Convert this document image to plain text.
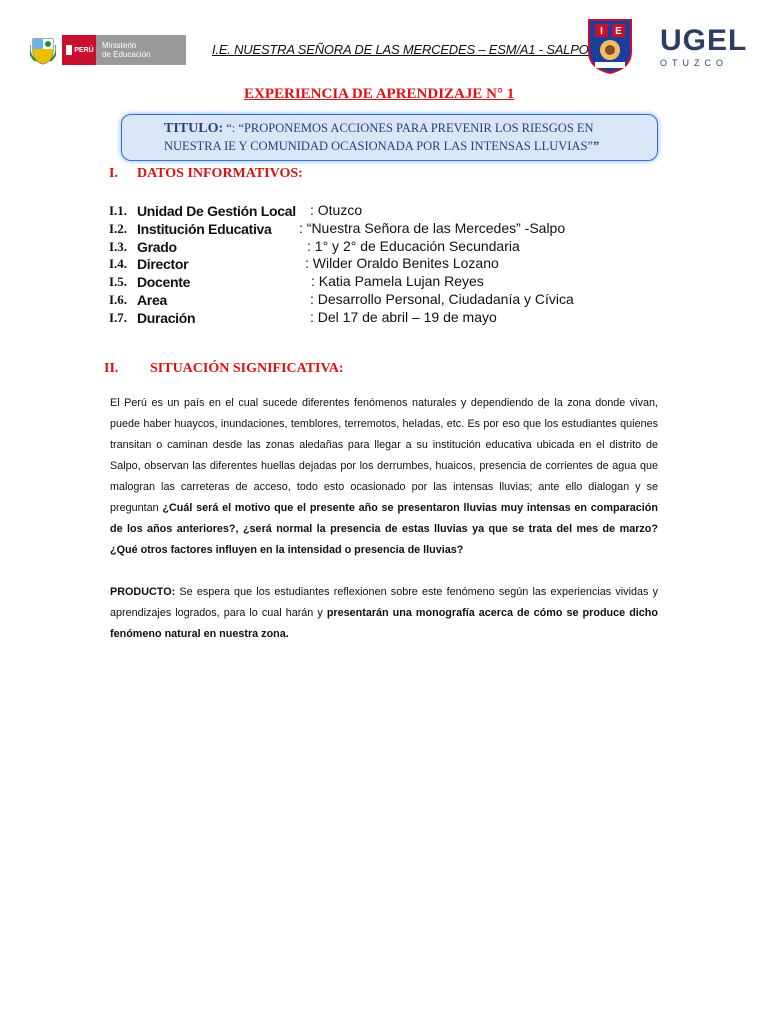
PERÚ Ministerio
de Educación	I.E. NUESTRA SEÑORA DE LAS MERCEDES – ESM/A1 - SALPO
I E UGEL
OTUZCO
EXPERIENCIA DE APRENDIZAJE N° 1
TITULO: “: “PROPONEMOS ACCIONES PARA PREVENIR LOS RIESGOS EN
NUESTRA IE Y COMUNIDAD OCASIONADA POR LAS INTENSAS LLUVIAS””
I. DATOS INFORMATIVOS:
I.1. Unidad De Gestión Local : Otuzco
I.2. Institución Educativa : “Nuestra Señora de las Mercedes” -Salpo
I.3. Grado	: 1° y 2° de Educación Secundaria
I.4. Director	: Wilder Oraldo Benites Lozano
I.5. Docente	: Katia Pamela Lujan Reyes
I.6. Area	: Desarrollo Personal, Ciudadanía y Cívica
I.7. Duración	: Del 17 de abril – 19 de mayo
II. SITUACIÓN SIGNIFICATIVA:
El Perú es un país en el cual sucede diferentes fenómenos naturales y dependiendo de la zona donde vivan, puede haber huaycos, inundaciones, temblores, terremotos, heladas, etc. Es por eso que los estudiantes quienes transitan o caminan desde las zonas aledañas para llegar a su institución educativa ubicada en el distrito de Salpo, observan las diferentes huellas dejadas por los derrumbes, huaicos, presencia de corrientes de agua que malogran las carreteras de acceso, todo esto ocasionado por las intensas lluvias; ante ello dialogan y se preguntan ¿Cuál será el motivo que el presente año se presentaron lluvias muy intensas en comparación de los años anteriores?, ¿será normal la presencia de estas lluvias ya que se trata del mes de marzo? ¿Qué otros factores influyen en la intensidad o presencia de lluvias?
PRODUCTO: Se espera que los estudiantes reflexionen sobre este fenómeno según las experiencias vividas y aprendizajes logrados, para lo cual harán y presentarán una monografía acerca de cómo se produce dicho fenómeno natural en nuestra zona.
